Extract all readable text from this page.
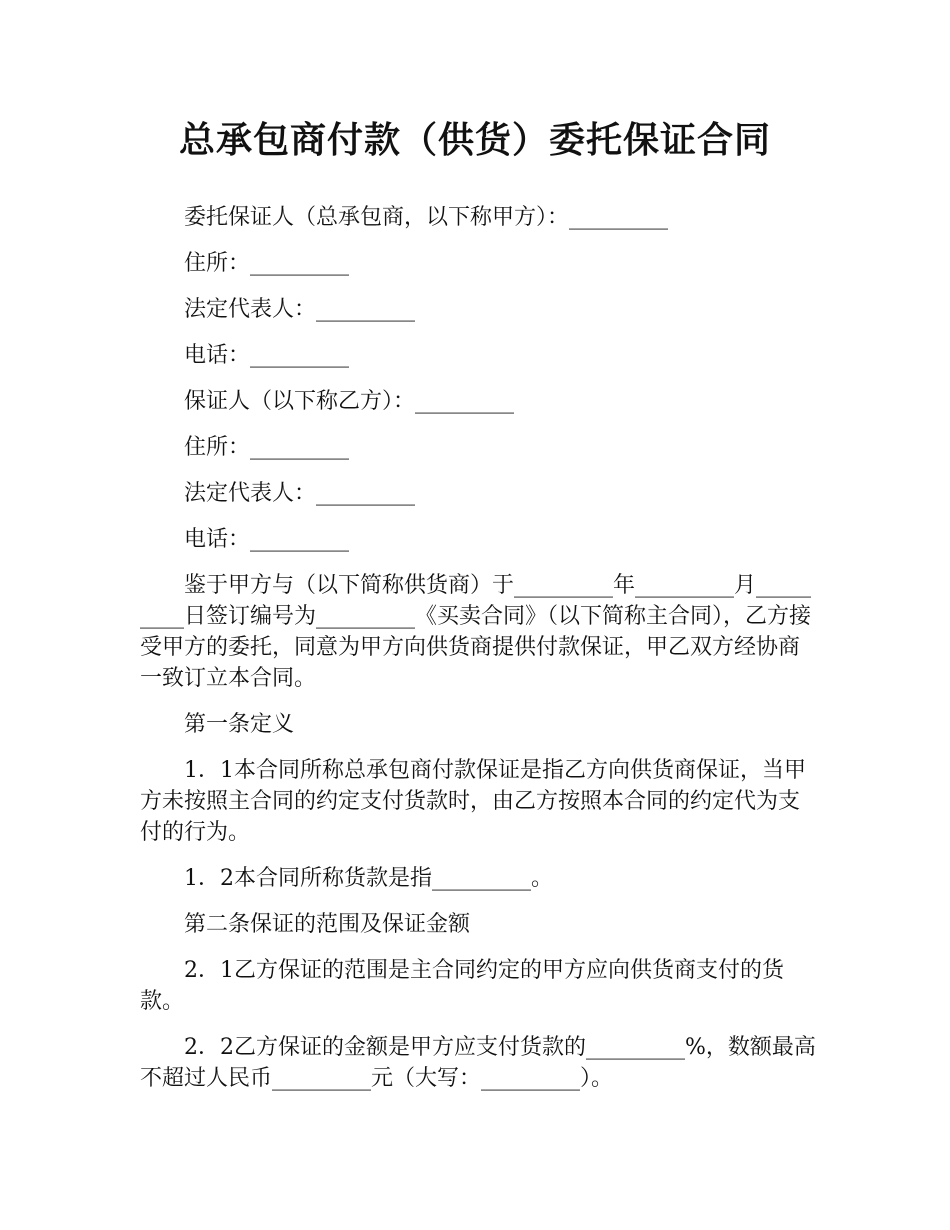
总承包商付款（供货）委托保证合同

委托保证人（总承包商，以下称甲方）：_________

住所：_________

法定代表人：_________

电话：_________

保证人（以下称乙方）：_________

住所：_________

法定代表人：_________

电话：_________

鉴于甲方与（以下简称供货商）于_________年_________月_________日签订编号为_________《买卖合同》（以下简称主合同），乙方接受甲方的委托，同意为甲方向供货商提供付款保证，甲乙双方经协商一致订立本合同。

第一条定义

1．1本合同所称总承包商付款保证是指乙方向供货商保证，当甲方未按照主合同的约定支付货款时，由乙方按照本合同的约定代为支付的行为。

1．2本合同所称货款是指_________。

第二条保证的范围及保证金额

2．1乙方保证的范围是主合同约定的甲方应向供货商支付的货款。

2．2乙方保证的金额是甲方应支付货款的_________%，数额最高不超过人民币_________元（大写：_________）。
